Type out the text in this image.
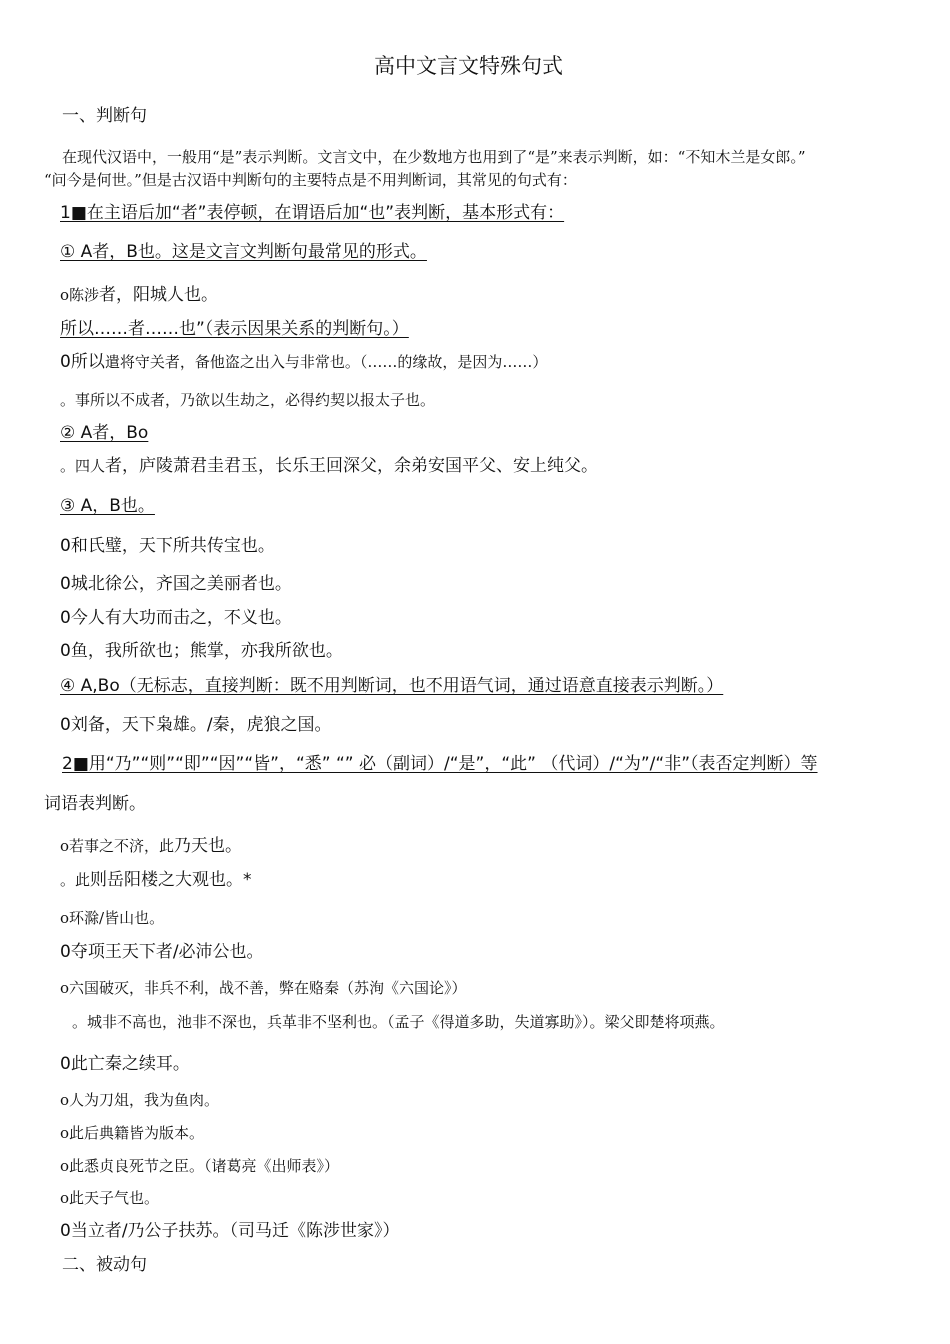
高中文言文特殊句式
一、判断句
在现代汉语中，一般用“是”表示判断。文言文中，在少数地方也用到了“是”来表示判断，如：“不知木兰是女郎。”
“问今是何世。”但是古汉语中判断句的主要特点是不用判断词，其常见的句式有：
1■在主语后加“者”表停顿，在谓语后加“也”表判断，基本形式有：
① A者，B也。这是文言文判断句最常见的形式。
o陈涉者，阳城人也。
所以……者……也”（表示因果关系的判断句。）
0所以遣将守关者，备他盗之出入与非常也。（……的缘故，是因为……）
。事所以不成者，乃欲以生劫之，必得约契以报太子也。
② A者，Bo
。四人者，庐陵萧君圭君玉，长乐王回深父，余弟安国平父、安上纯父。
③ A，B也。
0和氏璧，天下所共传宝也。
0城北徐公，齐国之美丽者也。
0今人有大功而击之，不义也。
0鱼，我所欲也；熊掌，亦我所欲也。
④ A,Bo（无标志，直接判断：既不用判断词，也不用语气词，通过语意直接表示判断。）
0刘备，天下枭雄。/秦，虎狼之国。
2■用“乃”“则”“即”“因”“皆”，“悉” “” 必（副词）/“是”，“此” （代词）/“为”/“非”（表否定判断）等
词语表判断。
o若事之不济，此乃天也。
。此则岳阳楼之大观也。*
o环滁/皆山也。
0夺项王天下者/必沛公也。
o六国破灭，非兵不利，战不善，弊在赂秦（苏洵《六国论》）
。城非不高也，池非不深也，兵革非不坚利也。（孟子《得道多助，失道寡助》）。梁父即楚将项燕。
0此亡秦之续耳。
o人为刀俎，我为鱼肉。
o此后典籍皆为版本。
o此悉贞良死节之臣。（诸葛亮《出师表》）
o此天子气也。
0当立者/乃公子扶苏。（司马迁《陈涉世家》）
二、被动句
